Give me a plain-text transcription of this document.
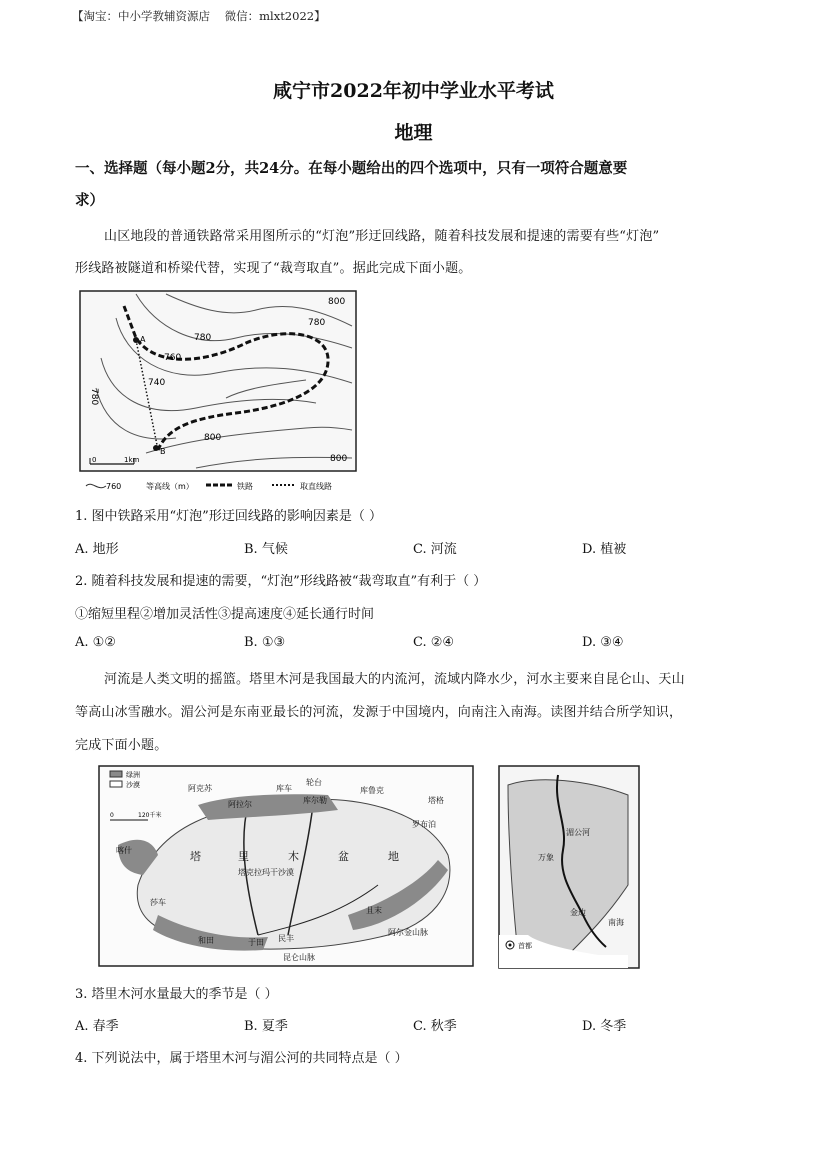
【淘宝：中小学教辅资源店    微信：mlxt2022】
咸宁市2022年初中学业水平考试
地理
一、选择题（每小题2分，共24分。在每小题给出的四个选项中，只有一项符合题意要
求）
山区地段的普通铁路常采用图所示的“灯泡”形迂回线路，随着科技发展和提速的需要有些“灯泡”
形线路被隧道和桥梁代替，实现了“裁弯取直”。据此完成下面小题。
A
B
800
780
780
760
740
780
800
800
0	1km
760	等高线（m）	铁路	取直线路
1. 图中铁路采用“灯泡”形迂回线路的影响因素是（ ）
A. 地形	B. 气候	C. 河流	D. 植被
2. 随着科技发展和提速的需要，“灯泡”形线路被“裁弯取直”有利于（ ）
①缩短里程②增加灵活性③提高速度④延长通行时间
A. ①②	B. ①③	C. ②④	D. ③④
河流是人类文明的摇篮。塔里木河是我国最大的内流河，流域内降水少，河水主要来自昆仑山、天山
等高山冰雪融水。湄公河是东南亚最长的河流，发源于中国境内，向南注入南海。读图并结合所学知识，
完成下面小题。
绿洲
沙漠
0	120千米
阿克苏
阿拉尔
库车
轮台
库尔勒
库鲁克
塔格
罗布泊
喀什	塔	里	木	盆	地
塔克拉玛干沙漠
且末
阿尔金山脉
昆仑山脉
和田	于田 民丰
莎车
湄公河
万象
金边
南海
首都
3. 塔里木河水量最大的季节是（ ）
A. 春季	B. 夏季	C. 秋季	D. 冬季
4. 下列说法中，属于塔里木河与湄公河的共同特点是（ ）
